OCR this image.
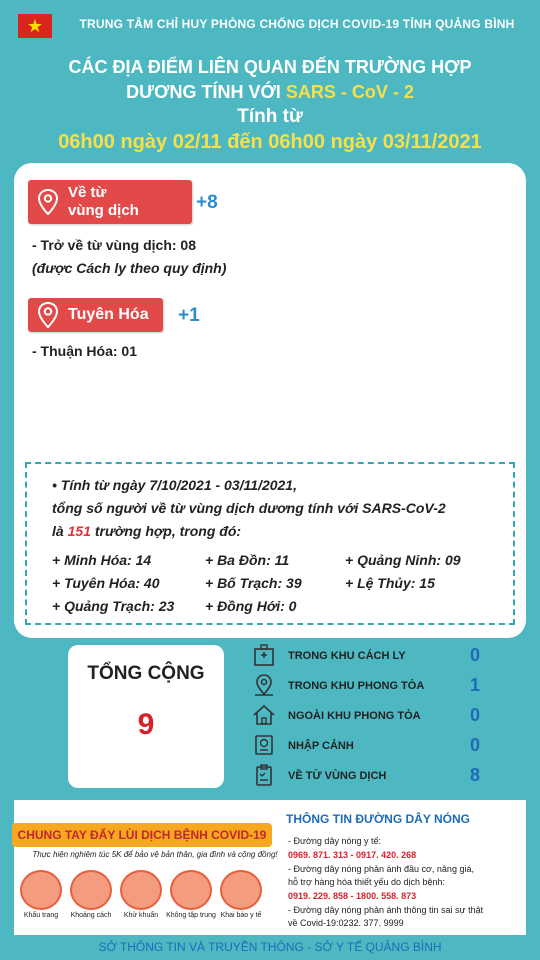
★	TRUNG TÂM CHỈ HUY PHÒNG CHỐNG DỊCH COVID-19 TỈNH QUẢNG BÌNH
CÁC ĐỊA ĐIỂM LIÊN QUAN ĐẾN TRƯỜNG HỢP
DƯƠNG TÍNH VỚI SARS - CoV - 2
Tính từ
06h00 ngày 02/11 đến 06h00 ngày 03/11/2021
Về từ
vùng dịch	+8
- Trở về từ vùng dịch: 08
(được Cách ly theo quy định)
Tuyên Hóa +1
- Thuận Hóa: 01
• Tính từ ngày 7/10/2021 - 03/11/2021,
tổng số người về từ vùng dịch dương tính với SARS-CoV-2
là 151 trường hợp, trong đó:
+ Minh Hóa: 14	+ Ba Đồn: 11	+ Quảng Ninh: 09
+ Tuyên Hóa: 40	+ Bố Trạch: 39	+ Lệ Thủy: 15
+ Quảng Trạch: 23 + Đồng Hới: 0
TỔNG CỘNG
9
TRONG KHU CÁCH LY	0
TRONG KHU PHONG TỎA	1
NGOÀI KHU PHONG TỎA	0
NHẬP CẢNH	0
VỀ TỪ VÙNG DỊCH	8
CHUNG TAY ĐẨY LÙI DỊCH BỆNH COVID-19
Thực hiện nghiêm túc 5K để bảo vệ bản thân, gia đình và cộng đồng!
Khẩu trang	Khoảng cách	Khử khuẩn	Không tập trung Khai báo y tế
THÔNG TIN ĐƯỜNG DÂY NÓNG
- Đường dây nóng y tế:
0969. 871. 313 - 0917. 420. 268
- Đường dây nóng phản ánh đầu cơ, nâng giá,
hỗ trợ hàng hóa thiết yếu do dịch bệnh:
0919. 229. 858 - 1800. 558. 873
- Đường dây nóng phản ánh thông tin sai sự thật
về Covid-19:0232. 377. 9999
SỞ THÔNG TIN VÀ TRUYỀN THÔNG - SỞ Y TẾ QUẢNG BÌNH
